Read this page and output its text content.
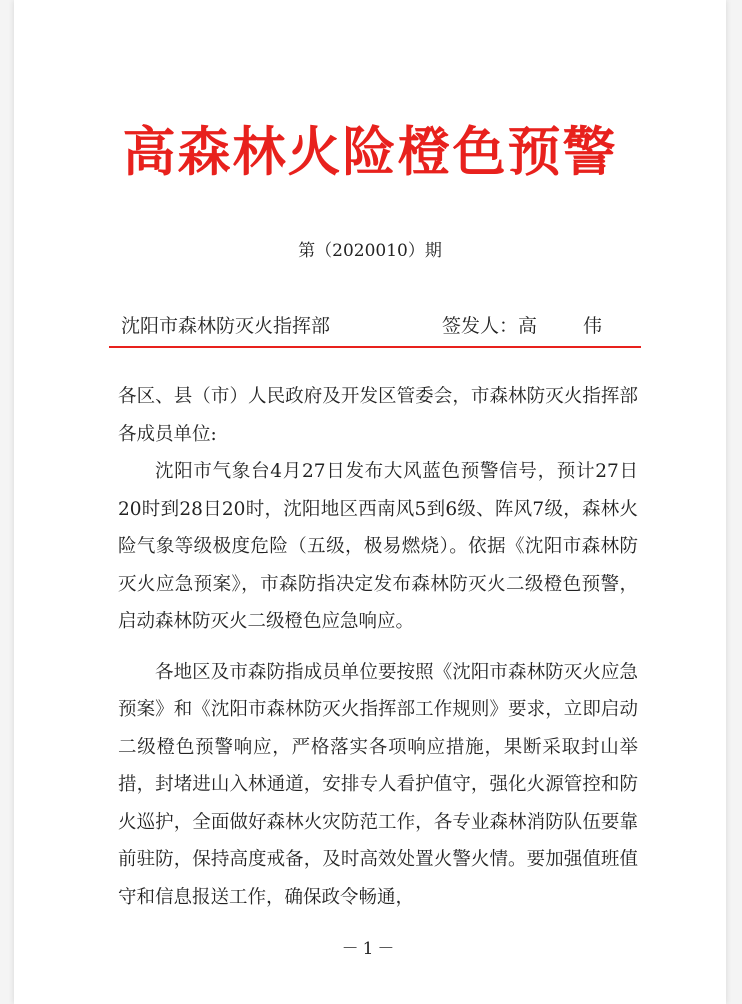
高森林火险橙色预警
第（2020010）期
沈阳市森林防灭火指挥部	签发人：高 伟

各区、县（市）人民政府及开发区管委会，市森林防灭火指挥部各成员单位:

沈阳市气象台4月27日发布大风蓝色预警信号，预计27日20时到28日20时，沈阳地区西南风5到6级、阵风7级，森林火险气象等级极度危险（五级，极易燃烧）。依据《沈阳市森林防灭火应急预案》，市森防指决定发布森林防灭火二级橙色预警，启动森林防灭火二级橙色应急响应。

各地区及市森防指成员单位要按照《沈阳市森林防灭火应急预案》和《沈阳市森林防灭火指挥部工作规则》要求，立即启动二级橙色预警响应，严格落实各项响应措施，果断采取封山举措，封堵进山入林通道，安排专人看护值守，强化火源管控和防火巡护，全面做好森林火灾防范工作，各专业森林消防队伍要靠前驻防，保持高度戒备，及时高效处置火警火情。要加强值班值守和信息报送工作，确保政令畅通，

－1－
